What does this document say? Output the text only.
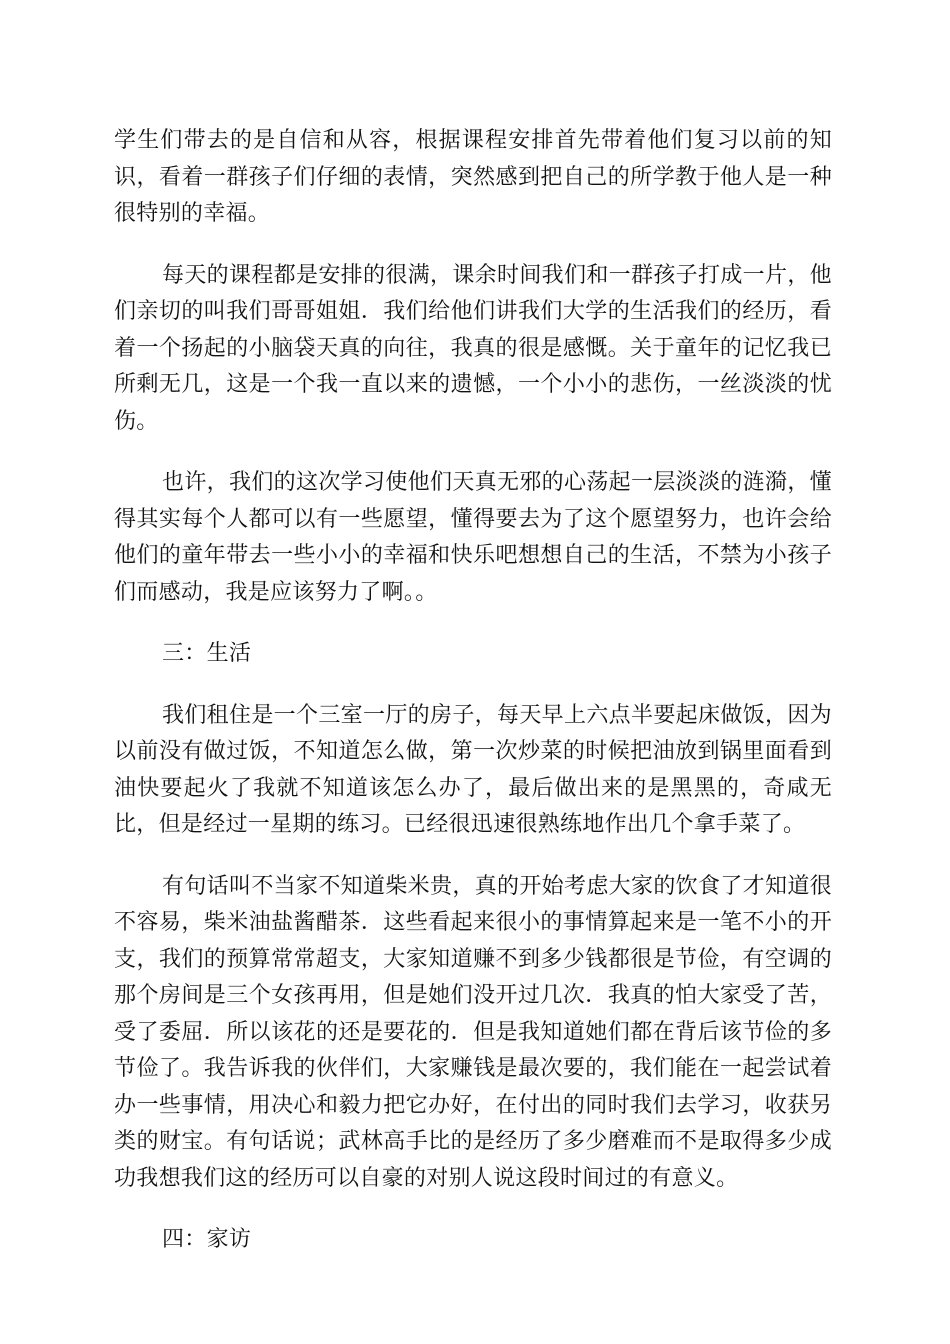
学生们带去的是自信和从容，根据课程安排首先带着他们复习以前的知识，看着一群孩子们仔细的表情，突然感到把自己的所学教于他人是一种很特别的幸福。

每天的课程都是安排的很满，课余时间我们和一群孩子打成一片，他们亲切的叫我们哥哥姐姐．我们给他们讲我们大学的生活我们的经历，看着一个扬起的小脑袋天真的向往，我真的很是感慨。关于童年的记忆我已所剩无几，这是一个我一直以来的遗憾，一个小小的悲伤，一丝淡淡的忧伤。

也许，我们的这次学习使他们天真无邪的心荡起一层淡淡的涟漪，懂得其实每个人都可以有一些愿望，懂得要去为了这个愿望努力，也许会给他们的童年带去一些小小的幸福和快乐吧想想自己的生活，不禁为小孩子们而感动，我是应该努力了啊。。

三：生活

我们租住是一个三室一厅的房子，每天早上六点半要起床做饭，因为以前没有做过饭，不知道怎么做，第一次炒菜的时候把油放到锅里面看到油快要起火了我就不知道该怎么办了，最后做出来的是黑黑的，奇咸无比，但是经过一星期的练习。已经很迅速很熟练地作出几个拿手菜了。

有句话叫不当家不知道柴米贵，真的开始考虑大家的饮食了才知道很不容易，柴米油盐酱醋茶．这些看起来很小的事情算起来是一笔不小的开支，我们的预算常常超支，大家知道赚不到多少钱都很是节俭，有空调的那个房间是三个女孩再用，但是她们没开过几次．我真的怕大家受了苦，受了委屈．所以该花的还是要花的．但是我知道她们都在背后该节俭的多节俭了。我告诉我的伙伴们，大家赚钱是最次要的，我们能在一起尝试着办一些事情，用决心和毅力把它办好，在付出的同时我们去学习，收获另类的财宝。有句话说；武林高手比的是经历了多少磨难而不是取得多少成功我想我们这的经历可以自豪的对别人说这段时间过的有意义。

四：家访
